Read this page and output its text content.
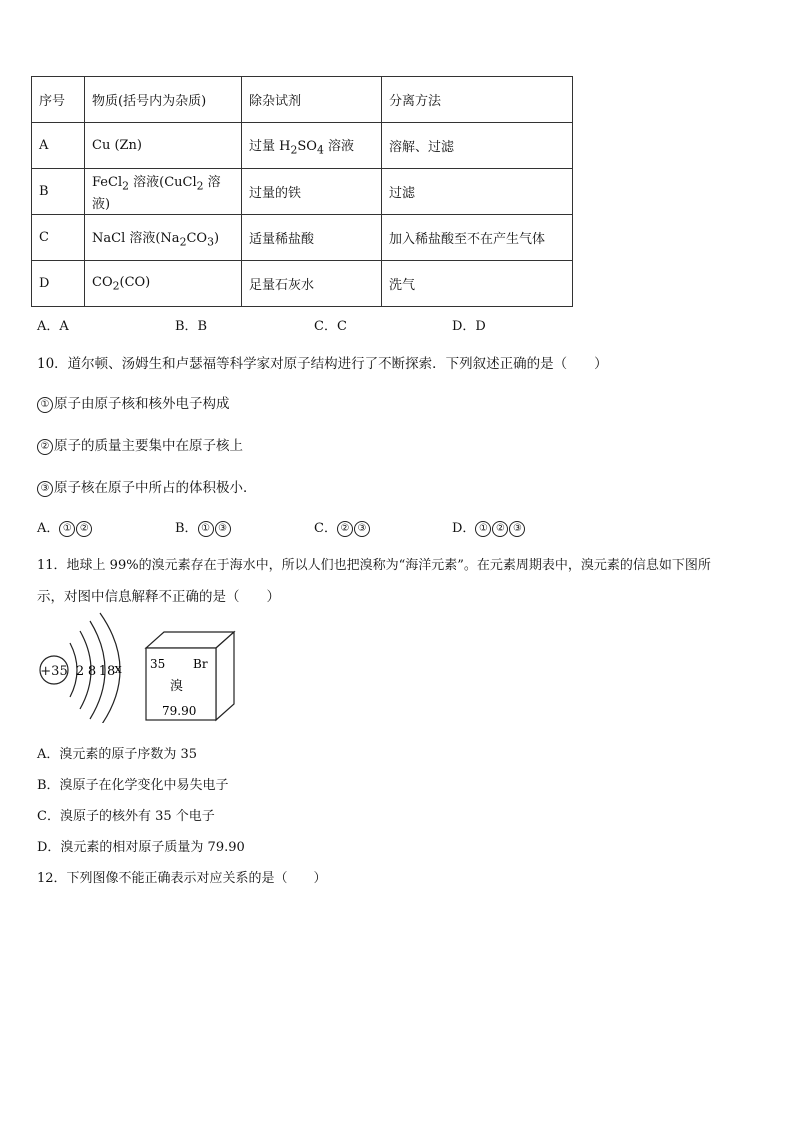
序号	物质(括号内为杂质)	除杂试剂	分离方法
A	Cu (Zn)	过量 $H_2SO_4$ 溶液	溶解、过滤
B	FeCl$_2$ 溶液(CuCl$_2$ 溶液)	过量的铁	过滤
C	NaCl 溶液$(Na_2CO_3)$	适量稀盐酸	加入稀盐酸至不在产生气体
D	$CO_2(CO)$	足量石灰水	洗气
A．A	B．B	C．C	D．D
10．道尔顿、汤姆生和卢瑟福等科学家对原子结构进行了不断探索．下列叙述正确的是（　　）
① 原子由原子核和核外电子构成
② 原子的质量主要集中在原子核上
③ 原子核在原子中所占的体积极小．
A． ① ②	B． ① ③	C． ② ③	D． ① ② ③
11．地球上 99%的溴元素存在于海水中，所以人们也把溴称为“海洋元素”。在元素周期表中，溴元素的信息如下图所
示，对图中信息解释不正确的是（　　）
+35 2 8 18 x 35 Br
溴
79.90
A．溴元素的原子序数为 35
B．溴原子在化学变化中易失电子
C．溴原子的核外有 35 个电子
D．溴元素的相对原子质量为 79.90
12．下列图像不能正确表示对应关系的是（　　）
